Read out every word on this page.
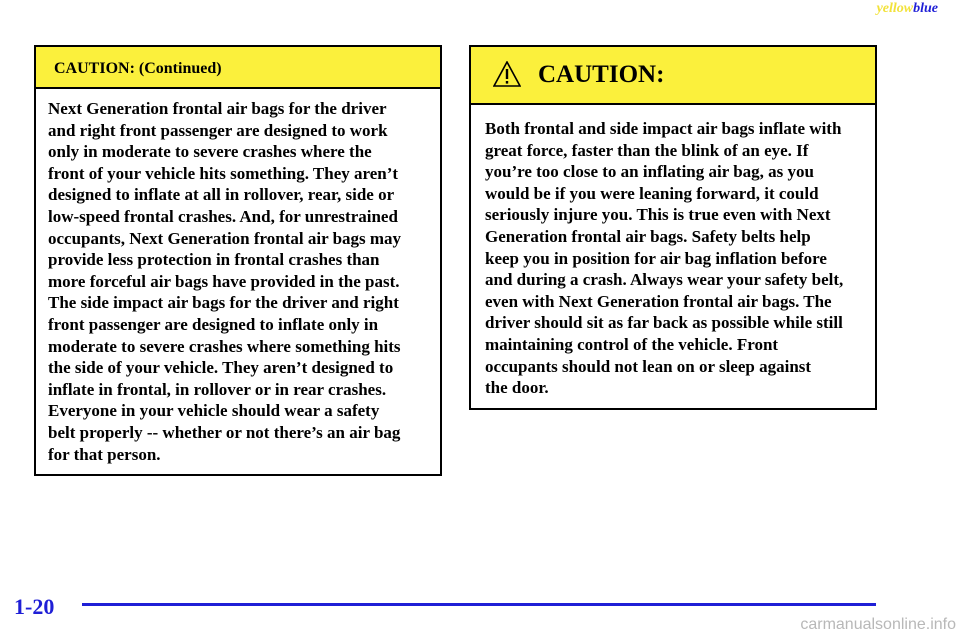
yellowblue
CAUTION: (Continued)
Next Generation frontal air bags for the driver
and right front passenger are designed to work
only in moderate to severe crashes where the
front of your vehicle hits something. They aren’t
designed to inflate at all in rollover, rear, side or
low-speed frontal crashes. And, for unrestrained
occupants, Next Generation frontal air bags may
provide less protection in frontal crashes than
more forceful air bags have provided in the past.
The side impact air bags for the driver and right
front passenger are designed to inflate only in
moderate to severe crashes where something hits
the side of your vehicle. They aren’t designed to
inflate in frontal, in rollover or in rear crashes.
Everyone in your vehicle should wear a safety
belt properly -- whether or not there’s an air bag
for that person.
CAUTION:
Both frontal and side impact air bags inflate with
great force, faster than the blink of an eye. If
you’re too close to an inflating air bag, as you
would be if you were leaning forward, it could
seriously injure you. This is true even with Next
Generation frontal air bags. Safety belts help
keep you in position for air bag inflation before
and during a crash. Always wear your safety belt,
even with Next Generation frontal air bags. The
driver should sit as far back as possible while still
maintaining control of the vehicle. Front
occupants should not lean on or sleep against
the door.
1-20
carmanualsonline.info
